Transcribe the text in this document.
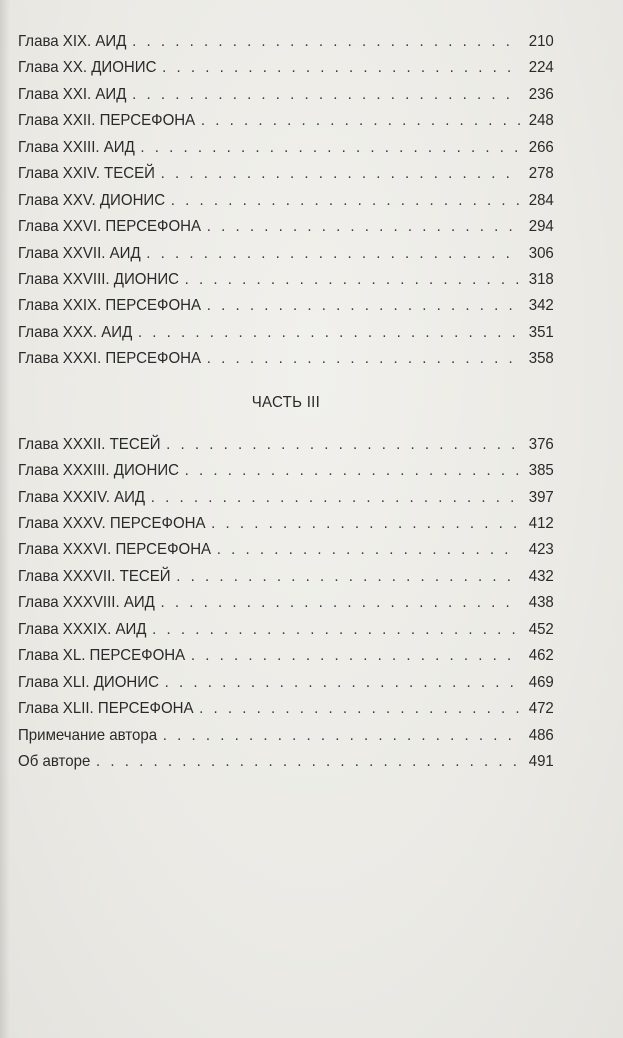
Глава XIX. АИД . . .	210
Глава XX. ДИОНИС . . .	224
Глава XXI. АИД . . .	236
Глава XXII. ПЕРСЕФОНА . . .	248
Глава XXIII. АИД . . .	266
Глава XXIV. ТЕСЕЙ . . .	278
Глава XXV. ДИОНИС . . .	284
Глава XXVI. ПЕРСЕФОНА . . .	294
Глава XXVII. АИД . . .	306
Глава XXVIII. ДИОНИС . . .	318
Глава XXIX. ПЕРСЕФОНА . . .	342
Глава XXX. АИД . . .	351
Глава XXXI. ПЕРСЕФОНА . . .	358
ЧАСТЬ III
Глава XXXII. ТЕСЕЙ . . .	376
Глава XXXIII. ДИОНИС . . .	385
Глава XXXIV. АИД . . .	397
Глава XXXV. ПЕРСЕФОНА . . .	412
Глава XXXVI. ПЕРСЕФОНА . . .	423
Глава XXXVII. ТЕСЕЙ . . .	432
Глава XXXVIII. АИД . . .	438
Глава XXXIX. АИД . . .	452
Глава XL. ПЕРСЕФОНА . . .	462
Глава XLI. ДИОНИС . . .	469
Глава XLII. ПЕРСЕФОНА . . .	472
Примечание автора . . .	486
Об авторе . . .	491
